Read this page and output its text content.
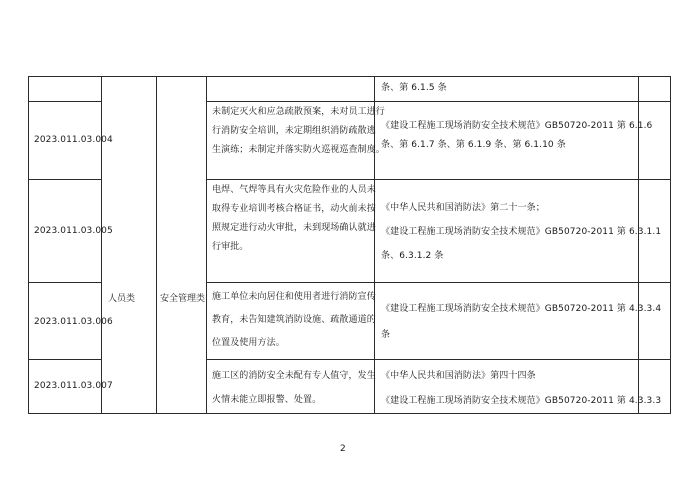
条、第 6.1.5 条
人员类	安全管理类
2023.011.03.004
未制定灭火和应急疏散预案，未对员工进行
行消防安全培训，未定期组织消防疏散逃
生演练；未制定并落实防火巡视巡查制度。
《建设工程施工现场消防安全技术规范》GB50720-2011 第 6.1.6
条、第 6.1.7 条、第 6.1.9 条、第 6.1.10 条
2023.011.03.005
电焊、气焊等具有火灾危险作业的人员未
取得专业培训考核合格证书，动火前未按
照规定进行动火审批，未到现场确认就进
行审批。
《中华人民共和国消防法》第二十一条；
《建设工程施工现场消防安全技术规范》GB50720-2011 第 6.3.1.1
条、6.3.1.2 条
2023.011.03.006
施工单位未向居住和使用者进行消防宣传
教育，未告知建筑消防设施、疏散通道的
位置及使用方法。
《建设工程施工现场消防安全技术规范》GB50720-2011 第 4.3.3.4
条
2023.011.03.007
施工区的消防安全未配有专人值守，发生
火情未能立即报警、处置。
《中华人民共和国消防法》第四十四条
《建设工程施工现场消防安全技术规范》GB50720-2011 第 4.3.3.3
2
